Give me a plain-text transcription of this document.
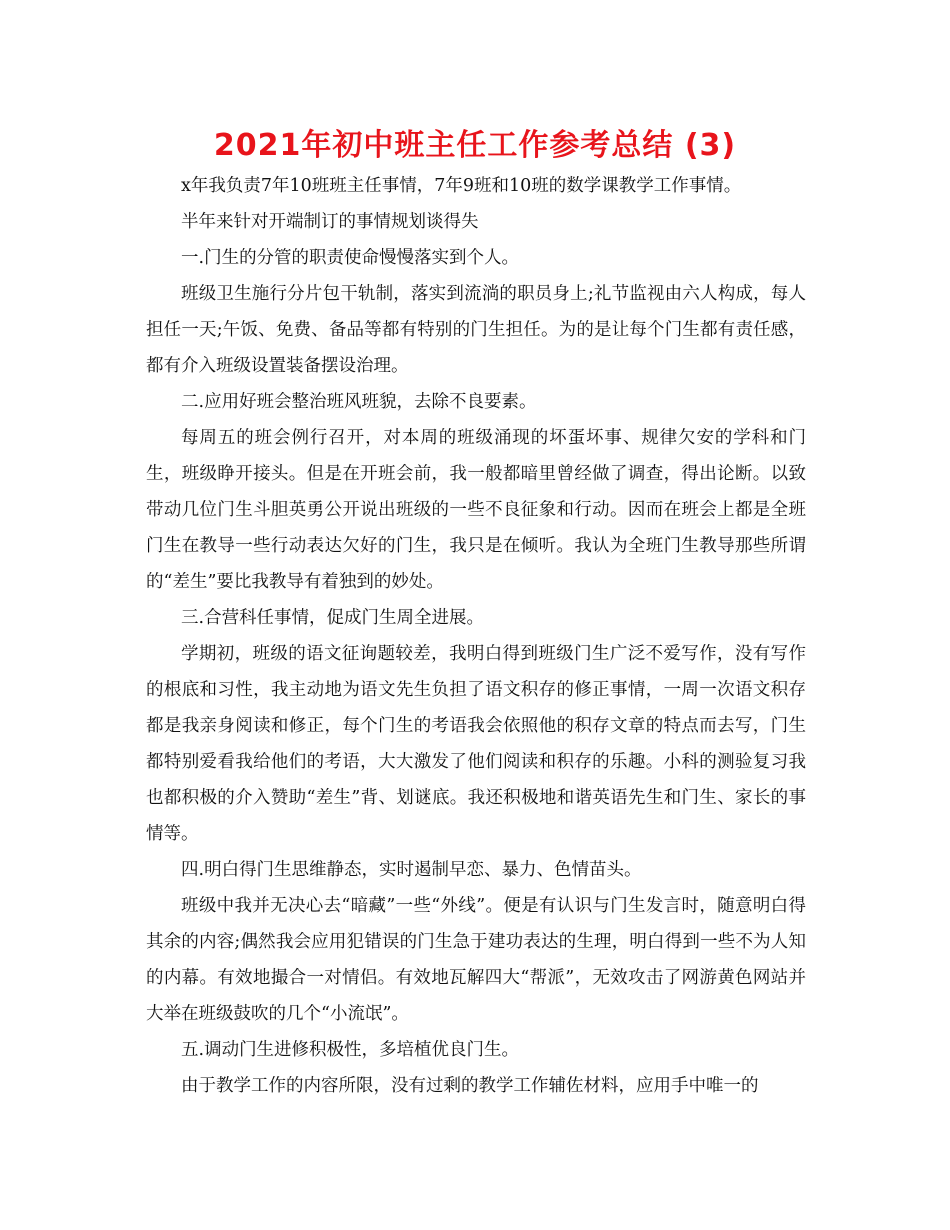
2021年初中班主任工作参考总结 (3)

x年我负责7年10班班主任事情，7年9班和10班的数学课教学工作事情。

半年来针对开端制订的事情规划谈得失

一.门生的分管的职责使命慢慢落实到个人。

班级卫生施行分片包干轨制，落实到流淌的职员身上;礼节监视由六人构成，每人担任一天;午饭、免费、备品等都有特别的门生担任。为的是让每个门生都有责任感，都有介入班级设置装备摆设治理。

二.应用好班会整治班风班貌，去除不良要素。

每周五的班会例行召开，对本周的班级涌现的坏蛋坏事、规律欠安的学科和门生，班级睁开接头。但是在开班会前，我一般都暗里曾经做了调查，得出论断。以致带动几位门生斗胆英勇公开说出班级的一些不良征象和行动。因而在班会上都是全班门生在教导一些行动表达欠好的门生，我只是在倾听。我认为全班门生教导那些所谓的“差生”要比我教导有着独到的妙处。

三.合营科任事情，促成门生周全进展。

学期初，班级的语文征询题较差，我明白得到班级门生广泛不爱写作，没有写作的根底和习性，我主动地为语文先生负担了语文积存的修正事情，一周一次语文积存都是我亲身阅读和修正，每个门生的考语我会依照他的积存文章的特点而去写，门生都特别爱看我给他们的考语，大大激发了他们阅读和积存的乐趣。小科的测验复习我也都积极的介入赞助“差生”背、划谜底。我还积极地和谐英语先生和门生、家长的事情等。

四.明白得门生思维静态，实时遏制早恋、暴力、色情苗头。

班级中我并无决心去“暗藏”一些“外线”。便是有认识与门生发言时，随意明白得其余的内容;偶然我会应用犯错误的门生急于建功表达的生理，明白得到一些不为人知的内幕。有效地撮合一对情侣。有效地瓦解四大“帮派”，无效攻击了网游黄色网站并大举在班级鼓吹的几个“小流氓”。

五.调动门生进修积极性，多培植优良门生。

由于教学工作的内容所限，没有过剩的教学工作辅佐材料，应用手中唯一的
